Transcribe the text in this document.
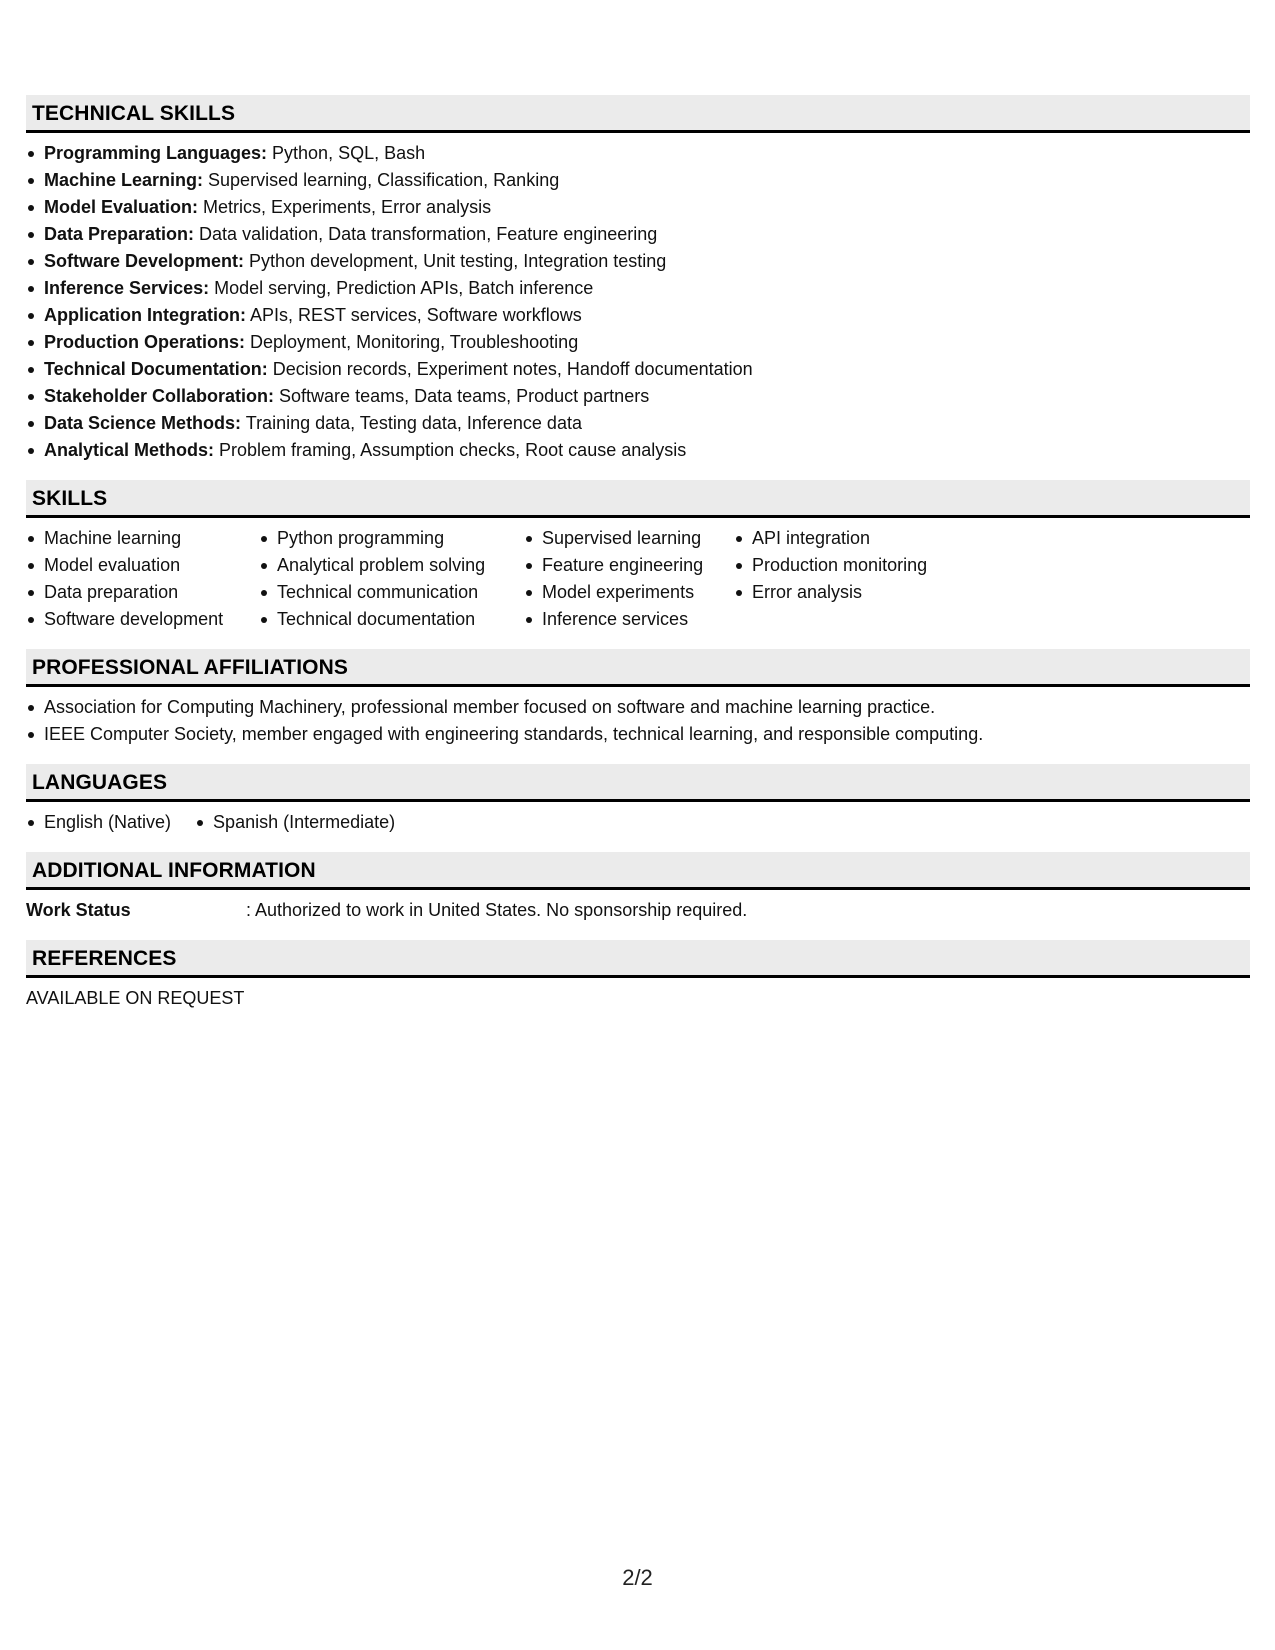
TECHNICAL SKILLS
Programming Languages: Python, SQL, Bash
Machine Learning: Supervised learning, Classification, Ranking
Model Evaluation: Metrics, Experiments, Error analysis
Data Preparation: Data validation, Data transformation, Feature engineering
Software Development: Python development, Unit testing, Integration testing
Inference Services: Model serving, Prediction APIs, Batch inference
Application Integration: APIs, REST services, Software workflows
Production Operations: Deployment, Monitoring, Troubleshooting
Technical Documentation: Decision records, Experiment notes, Handoff documentation
Stakeholder Collaboration: Software teams, Data teams, Product partners
Data Science Methods: Training data, Testing data, Inference data
Analytical Methods: Problem framing, Assumption checks, Root cause analysis
SKILLS
Machine learning
Model evaluation
Data preparation
Software development
Python programming
Analytical problem solving
Technical communication
Technical documentation
Supervised learning
Feature engineering
Model experiments
Inference services
API integration
Production monitoring
Error analysis
PROFESSIONAL AFFILIATIONS
Association for Computing Machinery, professional member focused on software and machine learning practice.
IEEE Computer Society, member engaged with engineering standards, technical learning, and responsible computing.
LANGUAGES
English (Native)	Spanish (Intermediate)
ADDITIONAL INFORMATION
Work Status	: Authorized to work in United States. No sponsorship required.
REFERENCES
AVAILABLE ON REQUEST
2/2
